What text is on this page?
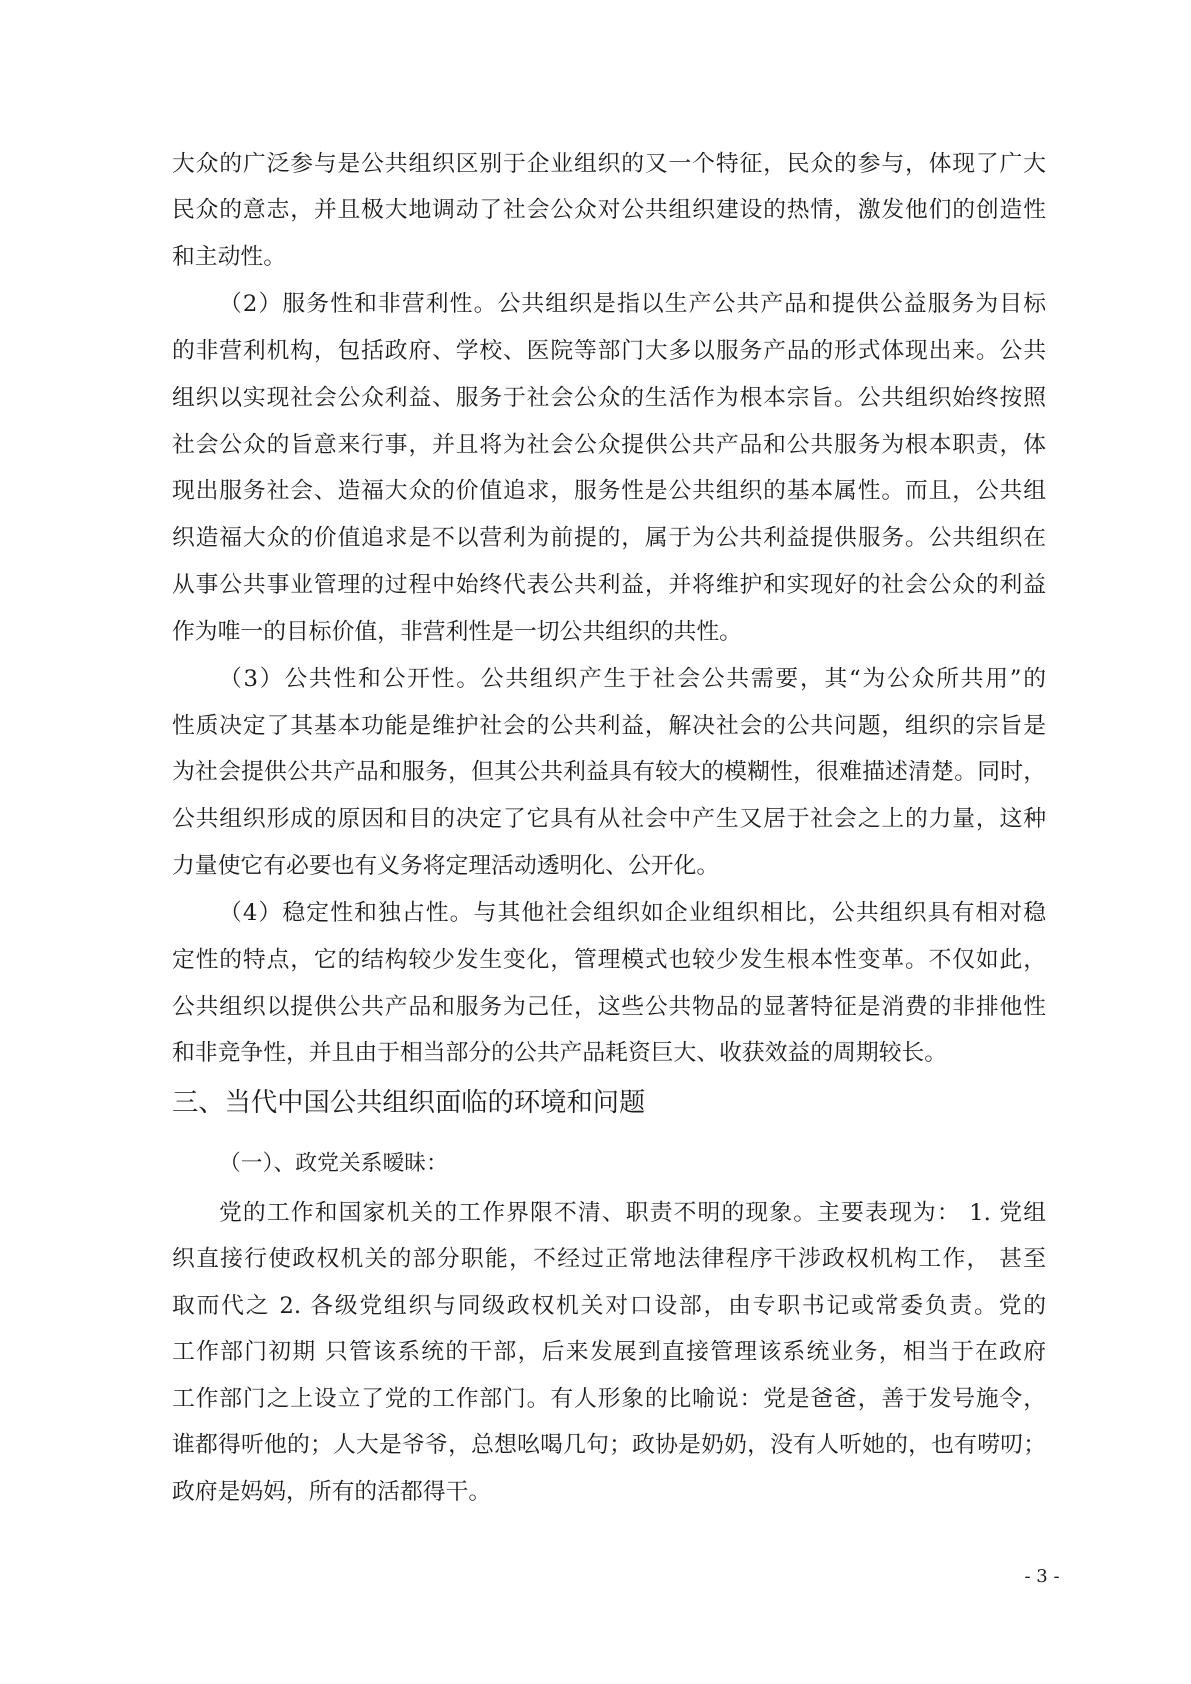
大众的广泛参与是公共组织区别于企业组织的又一个特征，民众的参与，体现了广大
民众的意志，并且极大地调动了社会公众对公共组织建设的热情，激发他们的创造性
和主动性。
（2）服务性和非营利性。公共组织是指以生产公共产品和提供公益服务为目标
的非营利机构，包括政府、学校、医院等部门大多以服务产品的形式体现出来。公共
组织以实现社会公众利益、服务于社会公众的生活作为根本宗旨。公共组织始终按照
社会公众的旨意来行事，并且将为社会公众提供公共产品和公共服务为根本职责，体
现出服务社会、造福大众的价值追求，服务性是公共组织的基本属性。而且，公共组
织造福大众的价值追求是不以营利为前提的，属于为公共利益提供服务。公共组织在
从事公共事业管理的过程中始终代表公共利益，并将维护和实现好的社会公众的利益
作为唯一的目标价值，非营利性是一切公共组织的共性。
（3）公共性和公开性。公共组织产生于社会公共需要，其“为公众所共用”的
性质决定了其基本功能是维护社会的公共利益，解决社会的公共问题，组织的宗旨是
为社会提供公共产品和服务，但其公共利益具有较大的模糊性，很难描述清楚。同时，
公共组织形成的原因和目的决定了它具有从社会中产生又居于社会之上的力量，这种
力量使它有必要也有义务将定理活动透明化、公开化。
（4）稳定性和独占性。与其他社会组织如企业组织相比，公共组织具有相对稳
定性的特点，它的结构较少发生变化，管理模式也较少发生根本性变革。不仅如此，
公共组织以提供公共产品和服务为己任，这些公共物品的显著特征是消费的非排他性
和非竞争性，并且由于相当部分的公共产品耗资巨大、收获效益的周期较长。
三、当代中国公共组织面临的环境和问题
（一）、政党关系暧昧：
党的工作和国家机关的工作界限不清、职责不明的现象。主要表现为： 1. 党组
织直接行使政权机关的部分职能，不经过正常地法律程序干涉政权机构工作， 甚至
取而代之 2. 各级党组织与同级政权机关对口设部，由专职书记或常委负责。党的
工作部门初期 只管该系统的干部，后来发展到直接管理该系统业务，相当于在政府
工作部门之上设立了党的工作部门。有人形象的比喻说：党是爸爸，善于发号施令，
谁都得听他的；人大是爷爷，总想吆喝几句；政协是奶奶，没有人听她的，也有唠叨；
政府是妈妈，所有的活都得干。
- 3 -
